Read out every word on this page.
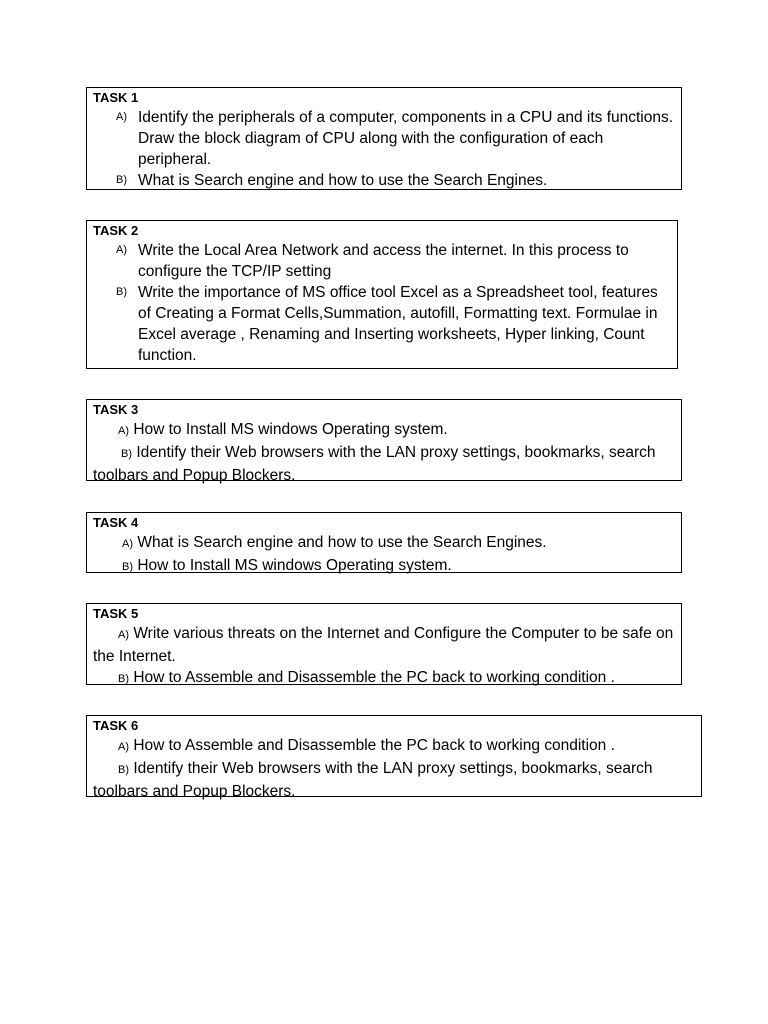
TASK 1

A) Identify the peripherals of a computer, components in a CPU and its functions. Draw the block diagram of CPU along with the configuration of each peripheral.
B) What is Search engine and how to use the Search Engines.

TASK 2

A) Write the Local Area Network and access the internet. In this process to configure the TCP/IP setting
B) Write the importance of MS office tool Excel as a Spreadsheet tool, features of Creating a Format Cells,Summation, autofill, Formatting text. Formulae in Excel average , Renaming and Inserting worksheets, Hyper linking, Count function.

TASK 3

A) How to Install MS windows Operating system.
B) Identify their Web browsers with the LAN proxy settings, bookmarks, search toolbars and Popup Blockers.

TASK 4

A) What is Search engine and how to use the Search Engines.
B) How to Install MS windows Operating system.

TASK 5

A) Write various threats on the Internet and Configure the Computer to be safe on the Internet.
B) How to Assemble and Disassemble the PC back to working condition .

TASK 6

A) How to Assemble and Disassemble the PC back to working condition .
B) Identify their Web browsers with the LAN proxy settings, bookmarks, search toolbars and Popup Blockers.
